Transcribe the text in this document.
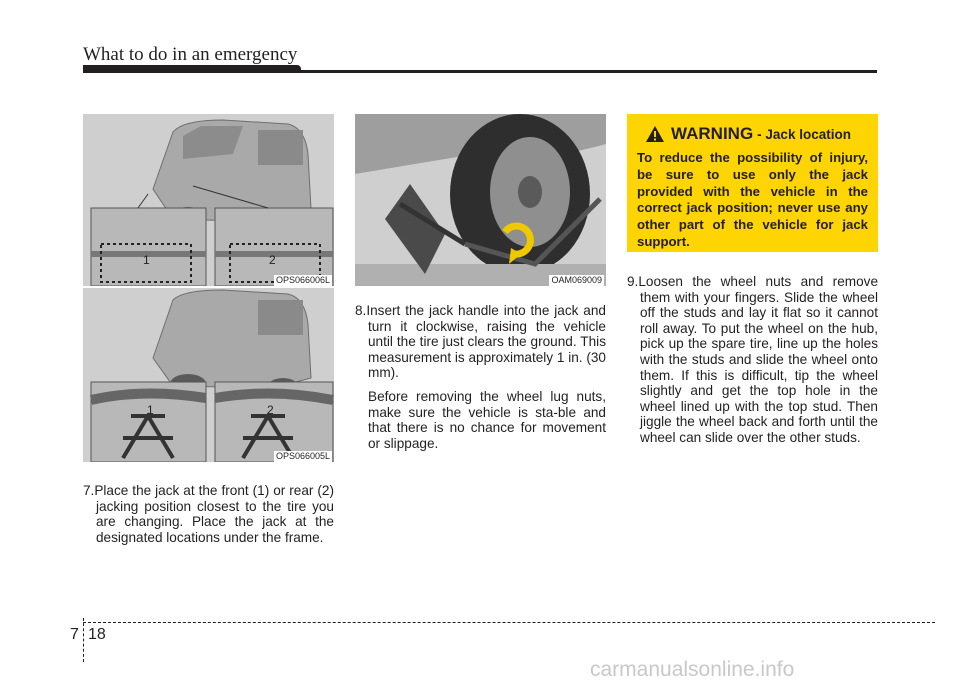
What to do in an emergency
1	2
OPS066006L
1	2
OPS066005L
OAM069009

7.Place the jack at the front (1) or rear (2) jacking position closest to the tire you are changing. Place the jack at the designated locations under the frame.

8.Insert the jack handle into the jack and turn it clockwise, raising the vehicle until the tire just clears the ground. This measurement is approximately 1 in. (30 mm).

Before removing the wheel lug nuts, make sure the vehicle is sta-ble and that there is no chance for movement or slippage.

WARNING - Jack location
To reduce the possibility of injury, be sure to use only the jack provided with the vehicle in the correct jack position; never use any other part of the vehicle for jack support.

9.Loosen the wheel nuts and remove them with your fingers. Slide the wheel off the studs and lay it flat so it cannot roll away. To put the wheel on the hub, pick up the spare tire, line up the holes with the studs and slide the wheel onto them. If this is difficult, tip the wheel slightly and get the top hole in the wheel lined up with the top stud. Then jiggle the wheel back and forth until the wheel can slide over the other studs.

7 18
carmanualsonline.info
